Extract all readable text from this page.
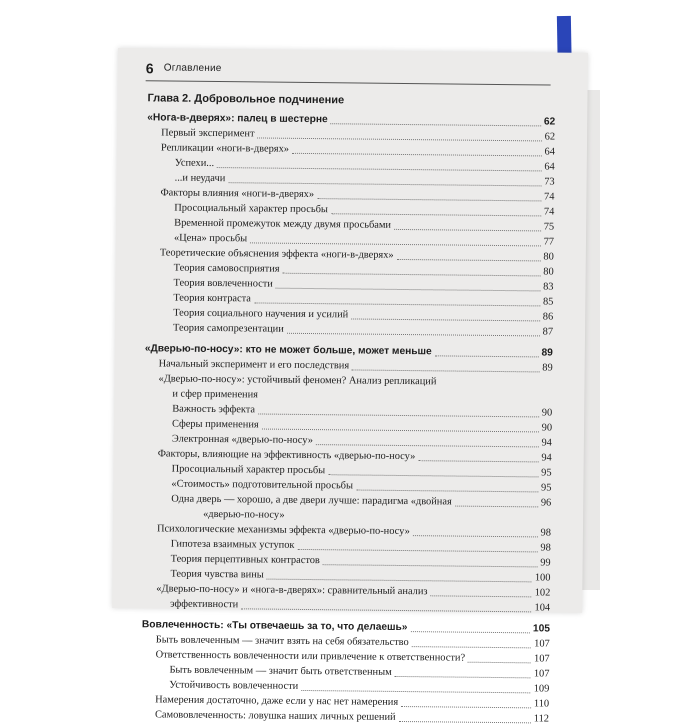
6 Оглавление
Глава 2. Добровольное подчинение
«Нога-в-дверях»: палец в шестерне	62
Первый эксперимент	62
Репликации «ноги-в-дверях»	64
Успехи...	64
...и неудачи	73
Факторы влияния «ноги-в-дверях»	74
Просоциальный характер просьбы	74
Временной промежуток между двумя просьбами	75
«Цена» просьбы	77
Теоретические объяснения эффекта «ноги-в-дверях»	80
Теория самовосприятия	80
Теория вовлеченности	83
Теория контраста	85
Теория социального научения и усилий	86
Теория самопрезентации	87
«Дверью-по-носу»: кто не может больше, может меньше	89
Начальный эксперимент и его последствия	89
«Дверью-по-носу»: устойчивый феномен? Анализ репликаций
и сфер применения
Важность эффекта	90
Сферы применения	90
Электронная «дверью-по-носу»	94
Факторы, влияющие на эффективность «дверью-по-носу»	94
Просоциальный характер просьбы	95
«Стоимость» подготовительной просьбы	95
Одна дверь — хорошо, а две двери лучше: парадигма «двойная	96
«дверью-по-носу»
Психологические механизмы эффекта «дверью-по-носу»	98
Гипотеза взаимных уступок	98
Теория перцептивных контрастов	99
Теория чувства вины	100
«Дверью-по-носу» и «нога-в-дверях»: сравнительный анализ	102
эффективности	104
Вовлеченность: «Ты отвечаешь за то, что делаешь»	105
Быть вовлеченным — значит взять на себя обязательство	107
Ответственность вовлеченности или привлечение к ответственности?	107
Быть вовлеченным — значит быть ответственным	107
Устойчивость вовлеченности	109
Намерения достаточно, даже если у нас нет намерения	110
Самововлеченность: ловушка наших личных решений	112
